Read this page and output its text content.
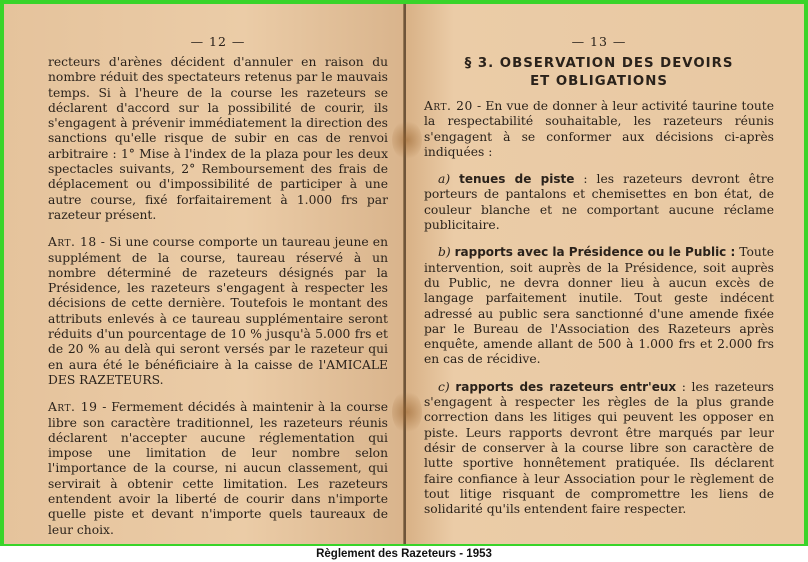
— 12 —

recteurs d'arènes décident d'annuler en raison du nombre réduit des spectateurs retenus par le mauvais temps. Si à l'heure de la course les razeteurs se déclarent d'accord sur la possibilité de courir, ils s'engagent à prévenir immédiatement la direction des sanctions qu'elle risque de subir en cas de renvoi arbitraire : 1° Mise à l'index de la plaza pour les deux spectacles suivants, 2° Remboursement des frais de déplacement ou d'impossibilité de participer à une autre course, fixé forfaitairement à 1.000 frs par razeteur présent.

Art. 18 - Si une course comporte un taureau jeune en supplément de la course, taureau réservé à un nombre déterminé de razeteurs désignés par la Présidence, les razeteurs s'engagent à respecter les décisions de cette dernière. Toutefois le montant des attributs enlevés à ce taureau supplémentaire seront réduits d'un pourcentage de 10 % jusqu'à 5.000 frs et de 20 % au delà qui seront versés par le razeteur qui en aura été le bénéficiaire à la caisse de l'AMICALE DES RAZETEURS.

Art. 19 - Fermement décidés à maintenir à la course libre son caractère traditionnel, les razeteurs réunis déclarent n'accepter aucune réglementation qui impose une limitation de leur nombre selon l'importance de la course, ni aucun classement, qui servirait à obtenir cette limitation. Les razeteurs entendent avoir la liberté de courir dans n'importe quelle piste et devant n'importe quels taureaux de leur choix.

— 13 —
§ 3. OBSERVATION DES DEVOIRS
ET OBLIGATIONS

Art. 20 - En vue de donner à leur activité taurine toute la respectabilité souhaitable, les razeteurs réunis s'engagent à se conformer aux décisions ci-après indiquées :

a) tenues de piste : les razeteurs devront être porteurs de pantalons et chemisettes en bon état, de couleur blanche et ne comportant aucune réclame publicitaire.

b) rapports avec la Présidence ou le Public : Toute intervention, soit auprès de la Présidence, soit auprès du Public, ne devra donner lieu à aucun excès de langage parfaitement inutile. Tout geste indécent adressé au public sera sanctionné d'une amende fixée par le Bureau de l'Association des Razeteurs après enquête, amende allant de 500 à 1.000 frs et 2.000 frs en cas de récidive.

c) rapports des razeteurs entr'eux : les razeteurs s'engagent à respecter les règles de la plus grande correction dans les litiges qui peuvent les opposer en piste. Leurs rapports devront être marqués par leur désir de conserver à la course libre son caractère de lutte sportive honnêtement pratiquée. Ils déclarent faire confiance à leur Association pour le règlement de tout litige risquant de compromettre les liens de solidarité qu'ils entendent faire respecter.

Règlement des Razeteurs - 1953
